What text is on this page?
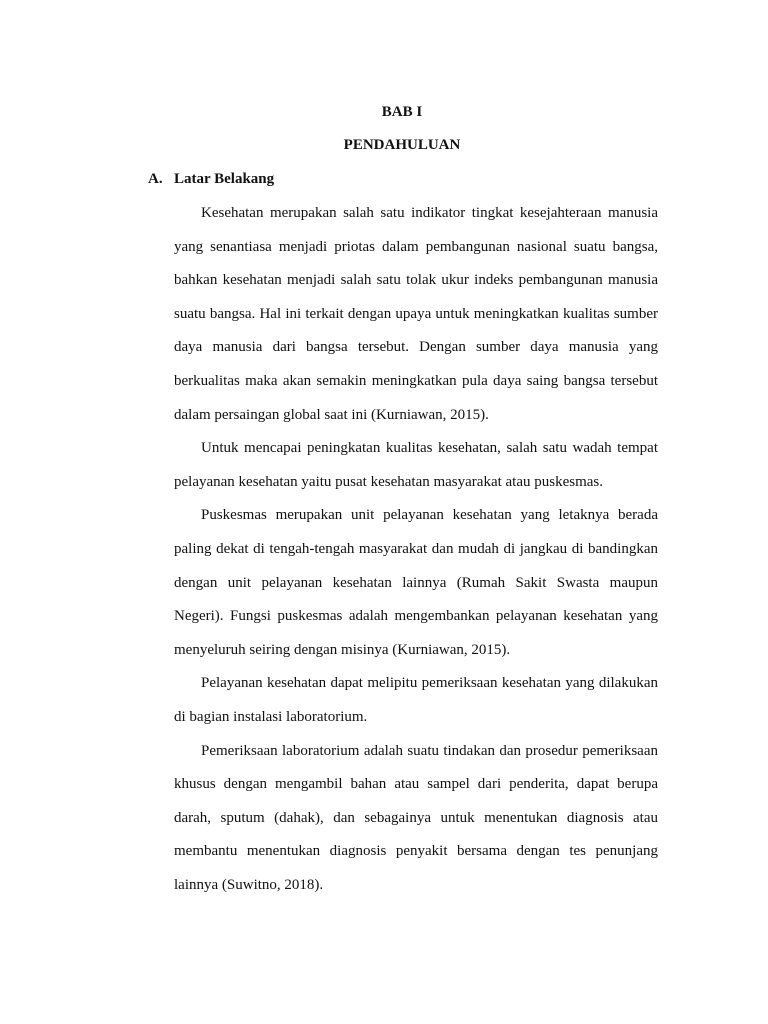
BAB I
PENDAHULUAN
A. Latar Belakang

Kesehatan merupakan salah satu indikator tingkat kesejahteraan manusia yang senantiasa menjadi priotas dalam pembangunan nasional suatu bangsa, bahkan kesehatan menjadi salah satu tolak ukur indeks pembangunan manusia suatu bangsa. Hal ini terkait dengan upaya untuk meningkatkan kualitas sumber daya manusia dari bangsa tersebut. Dengan sumber daya manusia yang berkualitas maka akan semakin meningkatkan pula daya saing bangsa tersebut dalam persaingan global saat ini (Kurniawan, 2015).

Untuk mencapai peningkatan kualitas kesehatan, salah satu wadah tempat pelayanan kesehatan yaitu pusat kesehatan masyarakat atau puskesmas.

Puskesmas merupakan unit pelayanan kesehatan yang letaknya berada paling dekat di tengah-tengah masyarakat dan mudah di jangkau di bandingkan dengan unit pelayanan kesehatan lainnya (Rumah Sakit Swasta maupun Negeri). Fungsi puskesmas adalah mengembankan pelayanan kesehatan yang menyeluruh seiring dengan misinya (Kurniawan, 2015).

Pelayanan kesehatan dapat melipitu pemeriksaan kesehatan yang dilakukan di bagian instalasi laboratorium.

Pemeriksaan laboratorium adalah suatu tindakan dan prosedur pemeriksaan khusus dengan mengambil bahan atau sampel dari penderita, dapat berupa darah, sputum (dahak), dan sebagainya untuk menentukan diagnosis atau membantu menentukan diagnosis penyakit bersama dengan tes penunjang lainnya (Suwitno, 2018).
